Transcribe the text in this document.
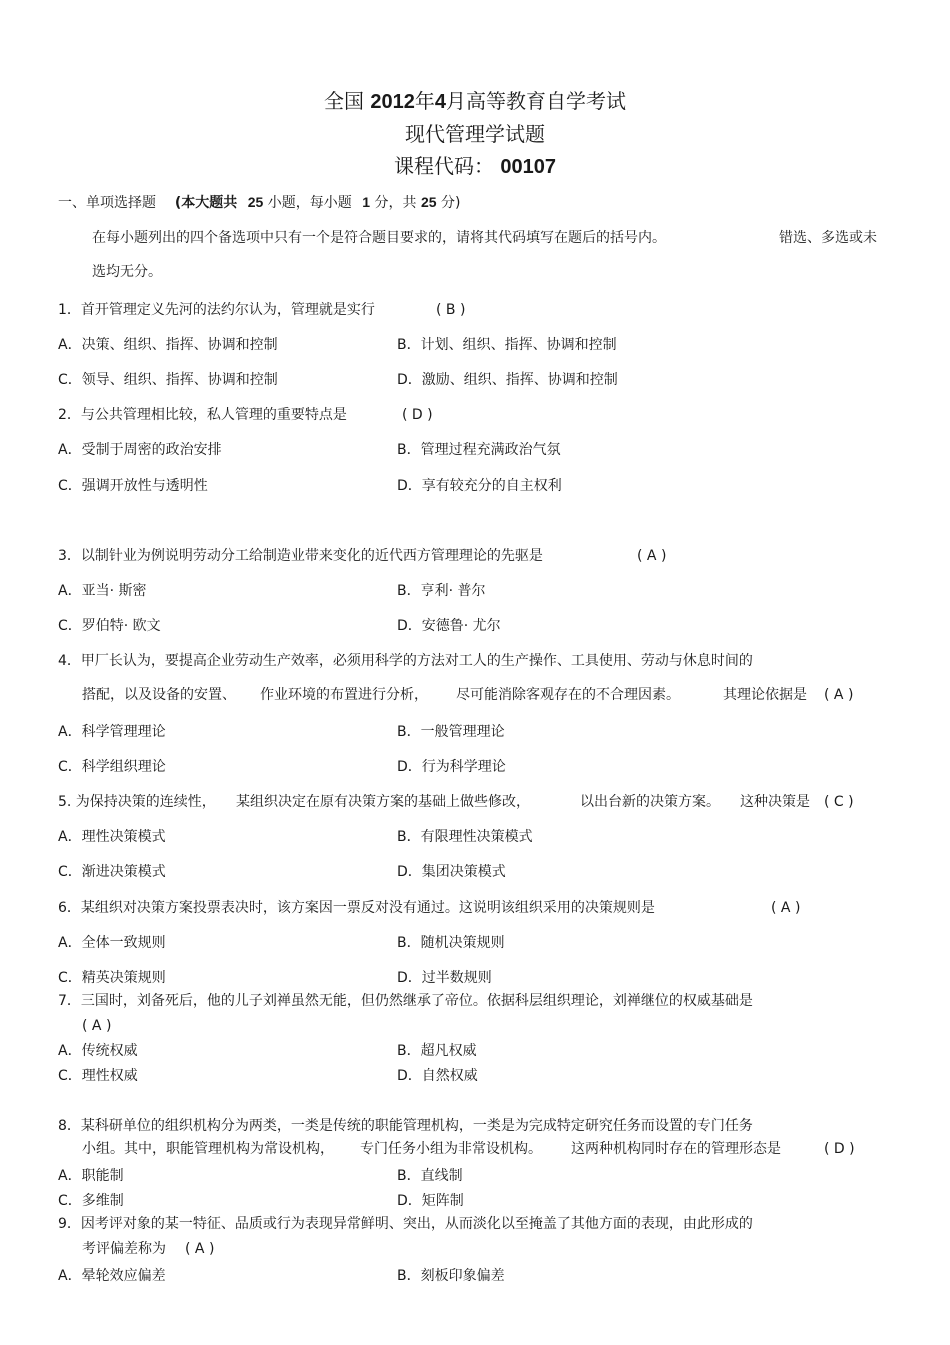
全国 2012年4月高等教育自学考试
现代管理学试题
课程代码： 00107
一、单项选择题 (本大题共 25 小题，每小题 1 分，共 25 分)
在每小题列出的四个备选项中只有一个是符合题目要求的，请将其代码填写在题后的括号内。	错选、多选或未
选均无分。
1．首开管理定义先河的法约尔认为，管理就是实行	( B )
A．决策、组织、指挥、协调和控制	B．计划、组织、指挥、协调和控制
C．领导、组织、指挥、协调和控制	D．激励、组织、指挥、协调和控制
2．与公共管理相比较，私人管理的重要特点是	( D )
A．受制于周密的政治安排	B．管理过程充满政治气氛
C．强调开放性与透明性	D．享有较充分的自主权利
3．以制针业为例说明劳动分工给制造业带来变化的近代西方管理理论的先驱是	( A )
A．亚当· 斯密	B．亨利· 普尔
C．罗伯特· 欧文	D．安德鲁· 尤尔
4．甲厂长认为，要提高企业劳动生产效率，必须用科学的方法对工人的生产操作、工具使用、劳动与休息时间的
搭配，以及设备的安置、 作业环境的布置进行分析， 尽可能消除客观存在的不合理因素。	其理论依据是 ( A )
A．科学管理理论	B．一般管理理论
C．科学组织理论	D．行为科学理论
5. 为保持决策的连续性， 某组织决定在原有决策方案的基础上做些修改，	以出台新的决策方案。 这种决策是 ( C )
A．理性决策模式	B．有限理性决策模式
C．渐进决策模式	D．集团决策模式
6．某组织对决策方案投票表决时，该方案因一票反对没有通过。这说明该组织采用的决策规则是	( A )
A．全体一致规则	B．随机决策规则
C．精英决策规则	D．过半数规则
7．三国时，刘备死后，他的儿子刘禅虽然无能，但仍然继承了帝位。依据科层组织理论，刘禅继位的权威基础是
( A )
A．传统权威	B．超凡权威
C．理性权威	D．自然权威
8．某科研单位的组织机构分为两类，一类是传统的职能管理机构，一类是为完成特定研究任务而设置的专门任务
小组。其中，职能管理机构为常设机构， 专门任务小组为非常设机构。 这两种机构同时存在的管理形态是	( D )
A．职能制	B．直线制
C．多维制	D．矩阵制
9．因考评对象的某一特征、品质或行为表现异常鲜明、突出，从而淡化以至掩盖了其他方面的表现，由此形成的
考评偏差称为 ( A )
A．晕轮效应偏差	B．刻板印象偏差
